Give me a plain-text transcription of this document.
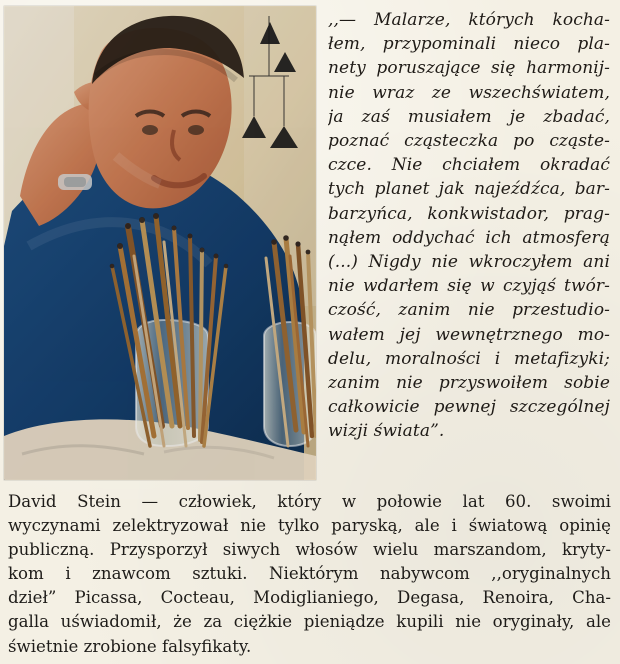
,,— Malarze, których kocha-
łem, przypominali nieco pla-
nety poruszające się harmonij-
nie wraz ze wszechświatem,
ja zaś musiałem je zbadać,
poznać cząsteczka po cząste-
czce. Nie chciałem okradać
tych planet jak najeźdźca, bar-
barzyńca, konkwistador, prag-
nąłem oddychać ich atmosferą
(...) Nigdy nie wkroczyłem ani
nie wdarłem się w czyjąś twór-
czość, zanim nie przestudio-
wałem jej wewnętrznego mo-
delu, moralności i metafizyki;
zanim nie przyswoiłem sobie
całkowicie pewnej szczególnej
wizji świata”.
David Stein — człowiek, który w połowie lat 60. swoimi
wyczynami zelektryzował nie tylko paryską, ale i światową opinię
publiczną. Przysporzył siwych włosów wielu marszandom, kryty-
kom i znawcom sztuki. Niektórym nabywcom ,,oryginalnych
dzieł” Picassa, Cocteau, Modiglianiego, Degasa, Renoira, Cha-
galla uświadomił, że za ciężkie pieniądze kupili nie oryginały, ale
świetnie zrobione falsyfikaty.
